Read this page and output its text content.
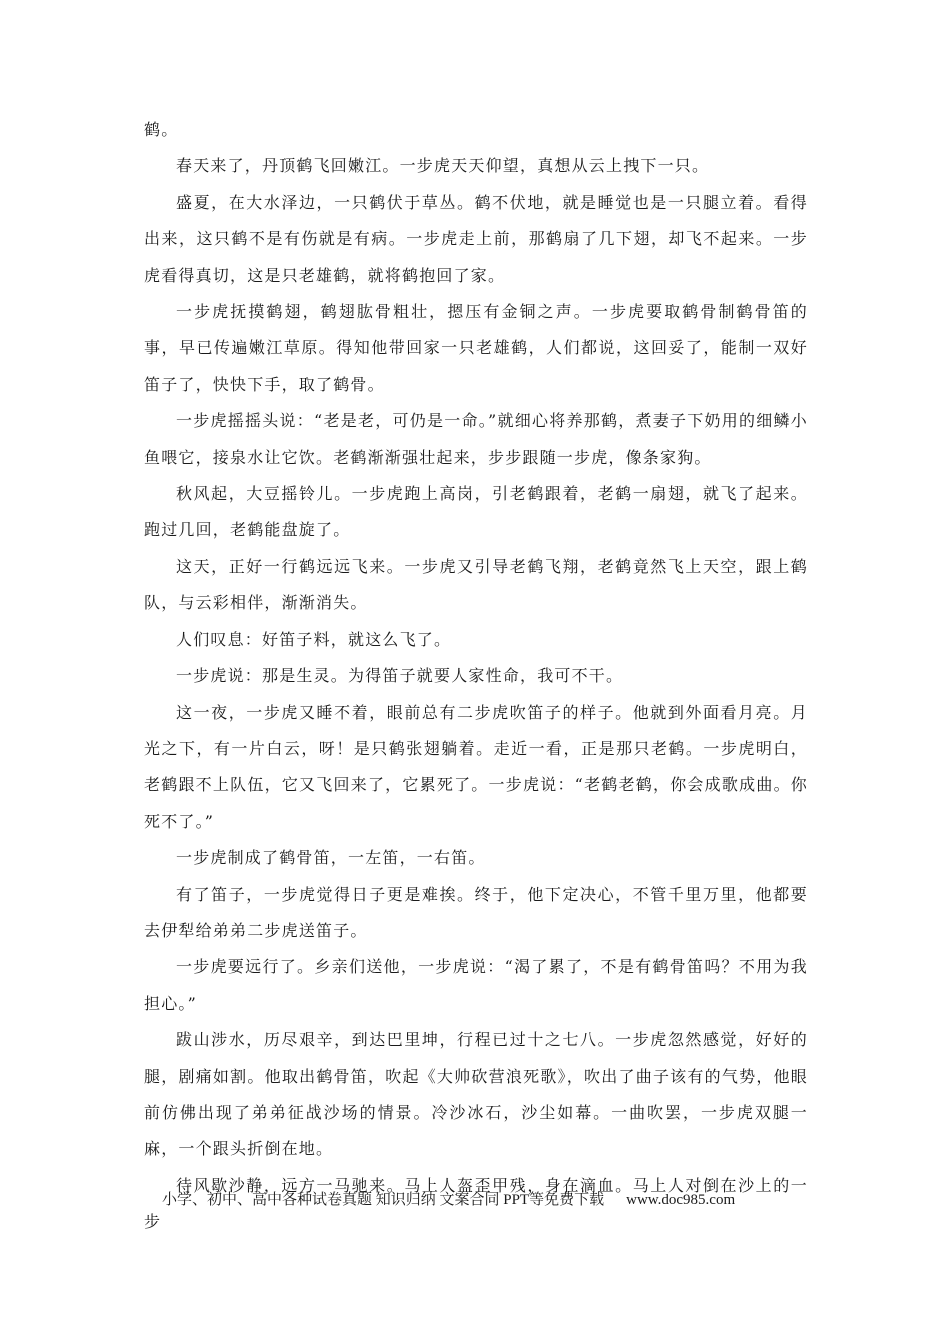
鹤。

春天来了，丹顶鹤飞回嫩江。一步虎天天仰望，真想从云上拽下一只。

盛夏，在大水泽边，一只鹤伏于草丛。鹤不伏地，就是睡觉也是一只腿立着。看得出来，这只鹤不是有伤就是有病。一步虎走上前，那鹤扇了几下翅，却飞不起来。一步虎看得真切，这是只老雄鹤，就将鹤抱回了家。

一步虎抚摸鹤翅，鹤翅肱骨粗壮，摁压有金铜之声。一步虎要取鹤骨制鹤骨笛的事，早已传遍嫩江草原。得知他带回家一只老雄鹤，人们都说，这回妥了，能制一双好笛子了，快快下手，取了鹤骨。

一步虎摇摇头说：“老是老，可仍是一命。”就细心将养那鹤，煮妻子下奶用的细鳞小鱼喂它，接泉水让它饮。老鹤渐渐强壮起来，步步跟随一步虎，像条家狗。

秋风起，大豆摇铃儿。一步虎跑上高岗，引老鹤跟着，老鹤一扇翅，就飞了起来。跑过几回，老鹤能盘旋了。

这天，正好一行鹤远远飞来。一步虎又引导老鹤飞翔，老鹤竟然飞上天空，跟上鹤队，与云彩相伴，渐渐消失。

人们叹息：好笛子料，就这么飞了。

一步虎说：那是生灵。为得笛子就要人家性命，我可不干。

这一夜，一步虎又睡不着，眼前总有二步虎吹笛子的样子。他就到外面看月亮。月光之下，有一片白云，呀！是只鹤张翅躺着。走近一看，正是那只老鹤。一步虎明白，老鹤跟不上队伍，它又飞回来了，它累死了。一步虎说：“老鹤老鹤，你会成歌成曲。你死不了。”

一步虎制成了鹤骨笛，一左笛，一右笛。

有了笛子，一步虎觉得日子更是难挨。终于，他下定决心，不管千里万里，他都要去伊犁给弟弟二步虎送笛子。

一步虎要远行了。乡亲们送他，一步虎说：“渴了累了，不是有鹤骨笛吗？不用为我担心。”

跋山涉水，历尽艰辛，到达巴里坤，行程已过十之七八。一步虎忽然感觉，好好的腿，剧痛如割。他取出鹤骨笛，吹起《大帅砍营浪死歌》，吹出了曲子该有的气势，他眼前仿佛出现了弟弟征战沙场的情景。冷沙冰石，沙尘如幕。一曲吹罢，一步虎双腿一麻，一个跟头折倒在地。

待风歇沙静，远方一马驰来。马上人盔歪甲残，身在滴血。马上人对倒在沙上的一步

小学、初中、高中各种试卷真题 知识归纳 文案合同 PPT等免费下载 www.doc985.com
